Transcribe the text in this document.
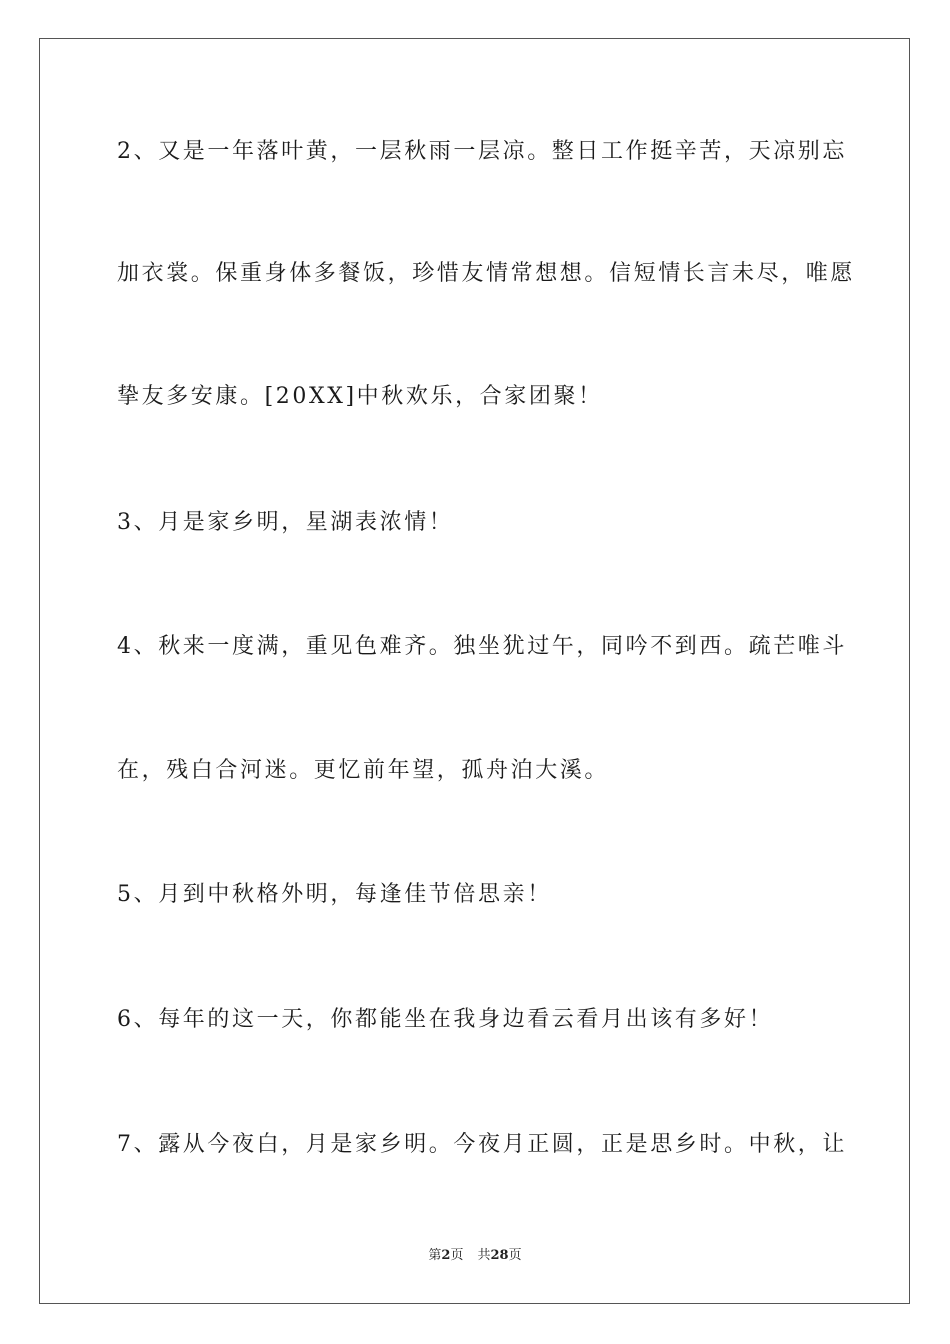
2、又是一年落叶黄，一层秋雨一层凉。整日工作挺辛苦，天凉别忘
加衣裳。保重身体多餐饭，珍惜友情常想想。信短情长言未尽，唯愿
挚友多安康。[20XX]中秋欢乐，合家团聚！
3、月是家乡明，星湖表浓情！
4、秋来一度满，重见色难齐。独坐犹过午，同吟不到西。疏芒唯斗
在，残白合河迷。更忆前年望，孤舟泊大溪。
5、月到中秋格外明，每逢佳节倍思亲！
6、每年的这一天，你都能坐在我身边看云看月出该有多好！
7、露从今夜白，月是家乡明。今夜月正圆，正是思乡时。中秋，让
第2页 共28页
